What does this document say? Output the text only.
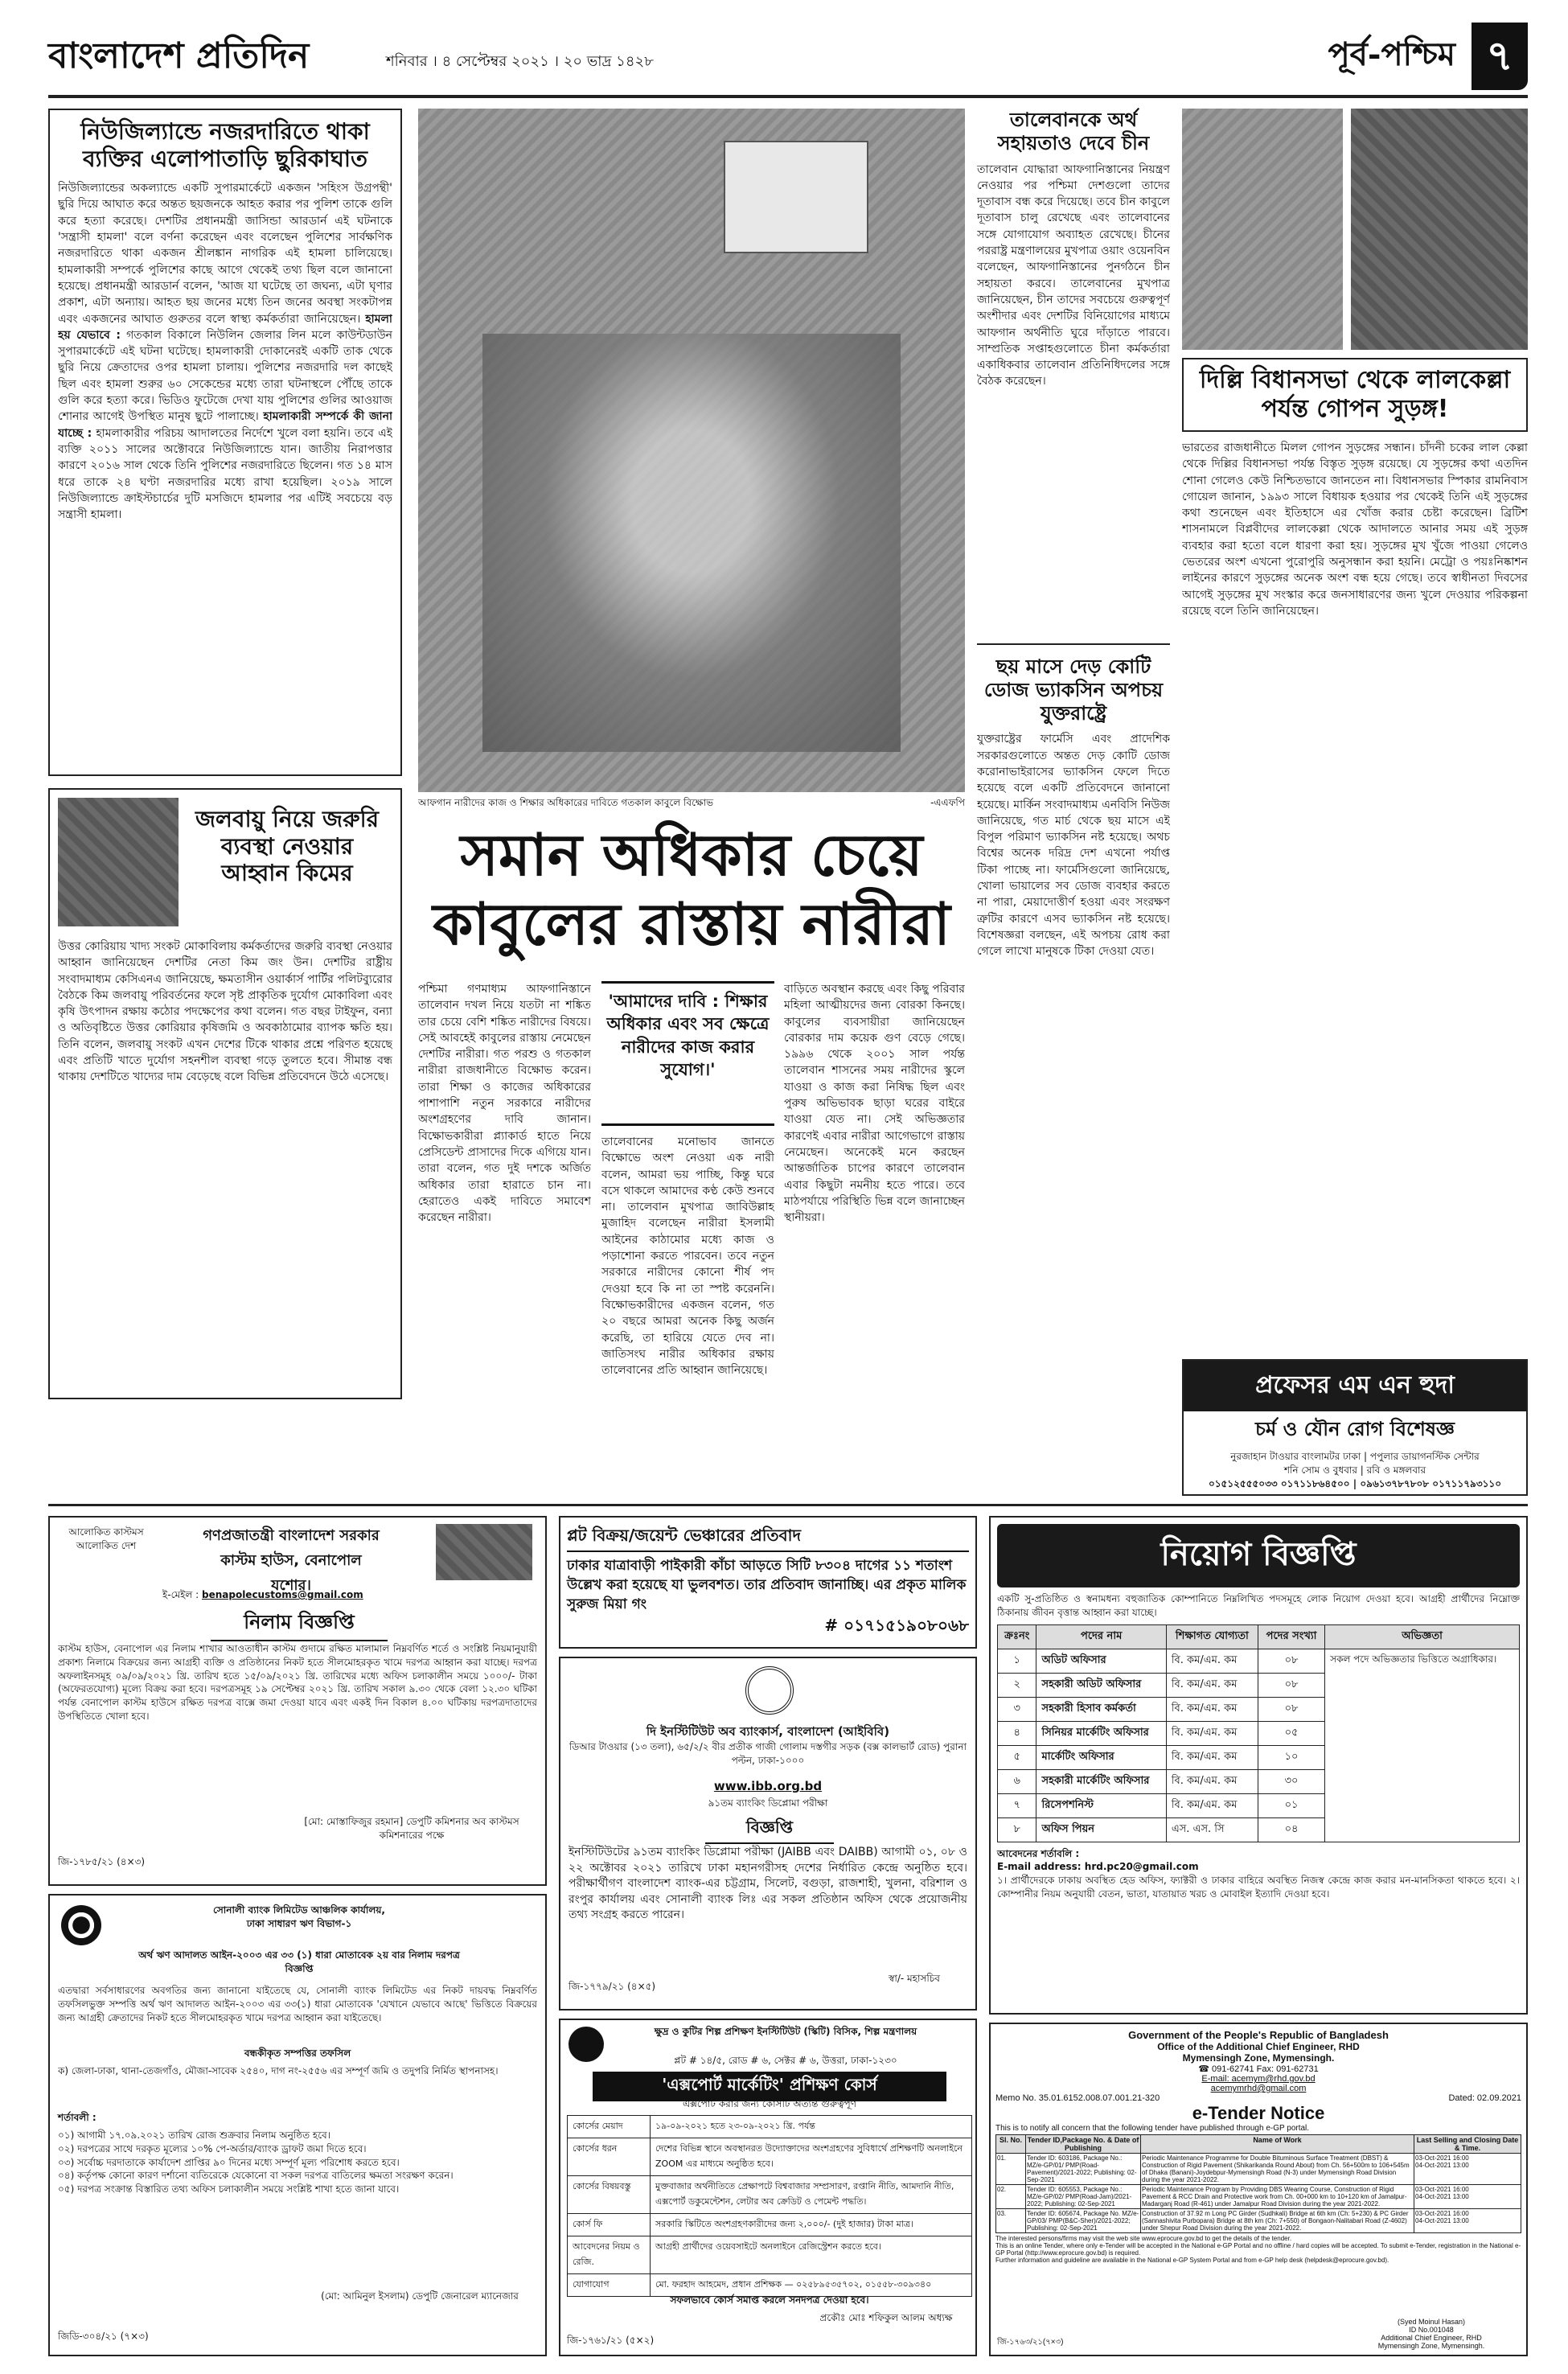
বাংলাদেশ প্রতিদিন	শনিবার । ৪ সেপ্টেম্বর ২০২১ । ২০ ভাদ্র ১৪২৮	পূর্ব-পশ্চিম ৭
নিউজিল্যান্ডে নজরদারিতে থাকা ব্যক্তির এলোপাতাড়ি ছুরিকাঘাত
নিউজিল্যান্ডের অকল্যান্ডে একটি সুপারমার্কেটে একজন 'সহিংস উগ্রপন্থী' ছুরি দিয়ে আঘাত করে অন্তত ছয়জনকে আহত করার পর পুলিশ তাকে গুলি করে হত্যা করেছে। দেশটির প্রধানমন্ত্রী জাসিন্ডা আরডার্ন এই ঘটনাকে 'সন্ত্রাসী হামলা' বলে বর্ণনা করেছেন এবং বলেছেন পুলিশের সার্বক্ষণিক নজরদারিতে থাকা একজন শ্রীলঙ্কান নাগরিক এই হামলা চালিয়েছে। হামলাকারী সম্পর্কে পুলিশের কাছে আগে থেকেই তথ্য ছিল বলে জানানো হয়েছে। প্রধানমন্ত্রী আরডার্ন বলেন, 'আজ যা ঘটেছে তা জঘন্য, এটা ঘৃণার প্রকাশ, এটা অন্যায়। আহত ছয় জনের মধ্যে তিন জনের অবস্থা সংকটাপন্ন এবং একজনের আঘাত গুরুতর বলে স্বাস্থ্য কর্মকর্তারা জানিয়েছেন। হামলা হয় যেভাবে : গতকাল বিকালে নিউলিন জেলার লিন মলে কাউন্টডাউন সুপারমার্কেটে এই ঘটনা ঘটেছে। হামলাকারী দোকানেরই একটি তাক থেকে ছুরি নিয়ে ক্রেতাদের ওপর হামলা চালায়। পুলিশের নজরদারি দল কাছেই ছিল এবং হামলা শুরুর ৬০ সেকেন্ডের মধ্যে তারা ঘটনাস্থলে পৌঁছে তাকে গুলি করে হত্যা করে। ভিডিও ফুটেজে দেখা যায় পুলিশের গুলির আওয়াজ শোনার আগেই উপস্থিত মানুষ ছুটে পালাচ্ছে। হামলাকারী সম্পর্কে কী জানা যাচ্ছে : হামলাকারীর পরিচয় আদালতের নির্দেশে খুলে বলা হয়নি। তবে এই ব্যক্তি ২০১১ সালের অক্টোবরে নিউজিল্যান্ডে যান। জাতীয় নিরাপত্তার কারণে ২০১৬ সাল থেকে তিনি পুলিশের নজরদারিতে ছিলেন। গত ১৪ মাস ধরে তাকে ২৪ ঘণ্টা নজরদারির মধ্যে রাখা হয়েছিল। ২০১৯ সালে নিউজিল্যান্ডে ক্রাইস্টচার্চের দুটি মসজিদে হামলার পর এটিই সবচেয়ে বড় সন্ত্রাসী হামলা।
জলবায়ু নিয়ে জরুরি ব্যবস্থা নেওয়ার আহ্বান কিমের
উত্তর কোরিয়ায় খাদ্য সংকট মোকাবিলায় কর্মকর্তাদের জরুরি ব্যবস্থা নেওয়ার আহ্বান জানিয়েছেন দেশটির নেতা কিম জং উন। দেশটির রাষ্ট্রীয় সংবাদমাধ্যম কেসিএনএ জানিয়েছে, ক্ষমতাসীন ওয়ার্কার্স পার্টির পলিটব্যুরোর বৈঠকে কিম জলবায়ু পরিবর্তনের ফলে সৃষ্ট প্রাকৃতিক দুর্যোগ মোকাবিলা এবং কৃষি উৎপাদন রক্ষায় কঠোর পদক্ষেপের কথা বলেন। গত বছর টাইফুন, বন্যা ও অতিবৃষ্টিতে উত্তর কোরিয়ার কৃষিজমি ও অবকাঠামোর ব্যাপক ক্ষতি হয়। তিনি বলেন, জলবায়ু সংকট এখন দেশের টিকে থাকার প্রশ্নে পরিণত হয়েছে এবং প্রতিটি খাতে দুর্যোগ সহনশীল ব্যবস্থা গড়ে তুলতে হবে। সীমান্ত বন্ধ থাকায় দেশটিতে খাদ্যের দাম বেড়েছে বলে বিভিন্ন প্রতিবেদনে উঠে এসেছে।
আফগান নারীদের কাজ ও শিক্ষার অধিকারের দাবিতে গতকাল কাবুলে বিক্ষোভ	-এএফপি
সমান অধিকার চেয়ে
কাবুলের রাস্তায় নারীরা
পশ্চিমা গণমাধ্যম আফগানিস্তানে তালেবান দখল নিয়ে যতটা না শঙ্কিত তার চেয়ে বেশি শঙ্কিত নারীদের বিষয়ে। সেই আবহেই কাবুলের রাস্তায় নেমেছেন দেশটির নারীরা। গত পরশু ও গতকাল নারীরা রাজধানীতে বিক্ষোভ করেন। তারা শিক্ষা ও কাজের অধিকারের পাশাপাশি নতুন সরকারে নারীদের অংশগ্রহণের দাবি জানান। বিক্ষোভকারীরা প্ল্যাকার্ড হাতে নিয়ে প্রেসিডেন্ট প্রাসাদের দিকে এগিয়ে যান। তারা বলেন, গত দুই দশকে অর্জিত অধিকার তারা হারাতে চান না। হেরাতেও একই দাবিতে সমাবেশ করেছেন নারীরা।
'আমাদের দাবি : শিক্ষার অধিকার এবং সব ক্ষেত্রে নারীদের কাজ করার সুযোগ।'
তালেবানের মনোভাব জানতে বিক্ষোভে অংশ নেওয়া এক নারী বলেন, আমরা ভয় পাচ্ছি, কিন্তু ঘরে বসে থাকলে আমাদের কণ্ঠ কেউ শুনবে না। তালেবান মুখপাত্র জাবিউল্লাহ মুজাহিদ বলেছেন নারীরা ইসলামী আইনের কাঠামোর মধ্যে কাজ ও পড়াশোনা করতে পারবেন। তবে নতুন সরকারে নারীদের কোনো শীর্ষ পদ দেওয়া হবে কি না তা স্পষ্ট করেননি। বিক্ষোভকারীদের একজন বলেন, গত ২০ বছরে আমরা অনেক কিছু অর্জন করেছি, তা হারিয়ে যেতে দেব না। জাতিসংঘ নারীর অধিকার রক্ষায় তালেবানের প্রতি আহ্বান জানিয়েছে।
বাড়িতে অবস্থান করছে এবং কিছু পরিবার মহিলা আত্মীয়দের জন্য বোরকা কিনছে। কাবুলের ব্যবসায়ীরা জানিয়েছেন বোরকার দাম কয়েক গুণ বেড়ে গেছে। ১৯৯৬ থেকে ২০০১ সাল পর্যন্ত তালেবান শাসনের সময় নারীদের স্কুলে যাওয়া ও কাজ করা নিষিদ্ধ ছিল এবং পুরুষ অভিভাবক ছাড়া ঘরের বাইরে যাওয়া যেত না। সেই অভিজ্ঞতার কারণেই এবার নারীরা আগেভাগে রাস্তায় নেমেছেন। অনেকেই মনে করছেন আন্তর্জাতিক চাপের কারণে তালেবান এবার কিছুটা নমনীয় হতে পারে। তবে মাঠপর্যায়ে পরিস্থিতি ভিন্ন বলে জানাচ্ছেন স্থানীয়রা।
তালেবানকে অর্থ সহায়তাও দেবে চীন
তালেবান যোদ্ধারা আফগানিস্তানের নিয়ন্ত্রণ নেওয়ার পর পশ্চিমা দেশগুলো তাদের দূতাবাস বন্ধ করে দিয়েছে। তবে চীন কাবুলে দূতাবাস চালু রেখেছে এবং তালেবানের সঙ্গে যোগাযোগ অব্যাহত রেখেছে। চীনের পররাষ্ট্র মন্ত্রণালয়ের মুখপাত্র ওয়াং ওয়েনবিন বলেছেন, আফগানিস্তানের পুনর্গঠনে চীন সহায়তা করবে। তালেবানের মুখপাত্র জানিয়েছেন, চীন তাদের সবচেয়ে গুরুত্বপূর্ণ অংশীদার এবং দেশটির বিনিয়োগের মাধ্যমে আফগান অর্থনীতি ঘুরে দাঁড়াতে পারবে। সাম্প্রতিক সপ্তাহগুলোতে চীনা কর্মকর্তারা একাধিকবার তালেবান প্রতিনিধিদলের সঙ্গে বৈঠক করেছেন।
ছয় মাসে দেড় কোটি ডোজ ভ্যাকসিন অপচয় যুক্তরাষ্ট্রে
যুক্তরাষ্ট্রের ফার্মেসি এবং প্রাদেশিক সরকারগুলোতে অন্তত দেড় কোটি ডোজ করোনাভাইরাসের ভ্যাকসিন ফেলে দিতে হয়েছে বলে একটি প্রতিবেদনে জানানো হয়েছে। মার্কিন সংবাদমাধ্যম এনবিসি নিউজ জানিয়েছে, গত মার্চ থেকে ছয় মাসে এই বিপুল পরিমাণ ভ্যাকসিন নষ্ট হয়েছে। অথচ বিশ্বের অনেক দরিদ্র দেশ এখনো পর্যাপ্ত টিকা পাচ্ছে না। ফার্মেসিগুলো জানিয়েছে, খোলা ভায়ালের সব ডোজ ব্যবহার করতে না পারা, মেয়াদোত্তীর্ণ হওয়া এবং সংরক্ষণ ত্রুটির কারণে এসব ভ্যাকসিন নষ্ট হয়েছে। বিশেষজ্ঞরা বলছেন, এই অপচয় রোধ করা গেলে লাখো মানুষকে টিকা দেওয়া যেত।
দিল্লি বিধানসভা থেকে লালকেল্লা পর্যন্ত গোপন সুড়ঙ্গ!
ভারতের রাজধানীতে মিলল গোপন সুড়ঙ্গের সন্ধান। চাঁদনী চকের লাল কেল্লা থেকে দিল্লির বিধানসভা পর্যন্ত বিস্তৃত সুড়ঙ্গ রয়েছে। যে সুড়ঙ্গের কথা এতদিন শোনা গেলেও কেউ নিশ্চিতভাবে জানতেন না। বিধানসভার স্পিকার রামনিবাস গোয়েল জানান, ১৯৯৩ সালে বিধায়ক হওয়ার পর থেকেই তিনি এই সুড়ঙ্গের কথা শুনেছেন এবং ইতিহাসে এর খোঁজ করার চেষ্টা করেছেন। ব্রিটিশ শাসনামলে বিপ্লবীদের লালকেল্লা থেকে আদালতে আনার সময় এই সুড়ঙ্গ ব্যবহার করা হতো বলে ধারণা করা হয়। সুড়ঙ্গের মুখ খুঁজে পাওয়া গেলেও ভেতরের অংশ এখনো পুরোপুরি অনুসন্ধান করা হয়নি। মেট্রো ও পয়ঃনিষ্কাশন লাইনের কারণে সুড়ঙ্গের অনেক অংশ বন্ধ হয়ে গেছে। তবে স্বাধীনতা দিবসের আগেই সুড়ঙ্গের মুখ সংস্কার করে জনসাধারণের জন্য খুলে দেওয়ার পরিকল্পনা রয়েছে বলে তিনি জানিয়েছেন।
প্রফেসর এম এন হুদা
চর্ম ও যৌন রোগ বিশেষজ্ঞ
নুরজাহান টাওয়ার বাংলামটর ঢাকা | পপুলার ডায়াগনস্টিক সেন্টার
শনি সোম ও বুধবার | রবি ও মঙ্গলবার
০১৫১২৫৫৫০৩৩ ০১৭১১৮৬৪৫০০ | ০৯৬১৩৭৮৭৮০৮ ০১৭১১৭৯৩১১০
আলোকিত কাস্টমস আলোকিত দেশ
গণপ্রজাতন্ত্রী বাংলাদেশ সরকার
কাস্টম হাউস, বেনাপোল
যশোর।
ই-মেইল : benapolecustoms@gmail.com
নিলাম বিজ্ঞপ্তি
কাস্টম হাউস, বেনাপোল এর নিলাম শাখার আওতাধীন কাস্টম গুদামে রক্ষিত মালামাল নিম্নবর্ণিত শর্তে ও সংশ্লিষ্ট নিয়মানুযায়ী প্রকাশ্য নিলামে বিক্রয়ের জন্য আগ্রহী ব্যক্তি ও প্রতিষ্ঠানের নিকট হতে সীলমোহরকৃত খামে দরপত্র আহ্বান করা যাচ্ছে। দরপত্র অফলাইনসমূহ ০৯/০৯/২০২১ খ্রি. তারিখ হতে ১৫/০৯/২০২১ খ্রি. তারিখের মধ্যে অফিস চলাকালীন সময়ে ১০০০/- টাকা (অফেরতযোগ্য) মূল্যে বিক্রয় করা হবে। দরপত্রসমূহ ১৯ সেপ্টেম্বর ২০২১ খ্রি. তারিখ সকাল ৯.৩০ থেকে বেলা ১২.৩০ ঘটিকা পর্যন্ত বেনাপোল কাস্টম হাউসে রক্ষিত দরপত্র বাক্সে জমা দেওয়া যাবে এবং একই দিন বিকাল ৪.০০ ঘটিকায় দরপত্রদাতাদের উপস্থিতিতে খোলা হবে।
[মো: মোস্তাফিজুর রহমান] ডেপুটি কমিশনার অব কাস্টমস কমিশনারের পক্ষে
জি-১৭৮৫/২১ (৪×৩)
সোনালী ব্যাংক লিমিটেড আঞ্চলিক কার্যালয়, ঢাকা সাধারণ ঋণ বিভাগ-১
অর্থ ঋণ আদালত আইন-২০০৩ এর ৩৩ (১) ধারা মোতাবেক ২য় বার নিলাম দরপত্র বিজ্ঞপ্তি
এতদ্বারা সর্বসাধারণের অবগতির জন্য জানানো যাইতেছে যে, সোনালী ব্যাংক লিমিটেড এর নিকট দায়বদ্ধ নিম্নবর্ণিত তফসিলভুক্ত সম্পত্তি অর্থ ঋণ আদালত আইন-২০০৩ এর ৩৩(১) ধারা মোতাবেক 'যেখানে যেভাবে আছে' ভিত্তিতে বিক্রয়ের জন্য আগ্রহী ক্রেতাদের নিকট হতে সীলমোহরকৃত খামে দরপত্র আহ্বান করা যাইতেছে।
বন্ধকীকৃত সম্পত্তির তফসিল
ক) জেলা-ঢাকা, থানা-তেজগাঁও, মৌজা-সাবেক ২৫৪০, দাগ নং-২৫৫৬ এর সম্পূর্ণ জমি ও তদুপরি নির্মিত স্থাপনাসহ।
শর্তাবলী :
০১) আগামী ১৭.০৯.২০২১ তারিখ রোজ শুক্রবার নিলাম অনুষ্ঠিত হবে।
০২) দরপত্রের সাথে দরকৃত মূল্যের ১০% পে-অর্ডার/ব্যাংক ড্রাফট জমা দিতে হবে।
০৩) সর্বোচ্চ দরদাতাকে কার্যাদেশ প্রাপ্তির ৯০ দিনের মধ্যে সম্পূর্ণ মূল্য পরিশোধ করতে হবে।
০৪) কর্তৃপক্ষ কোনো কারণ দর্শানো ব্যতিরেকে যেকোনো বা সকল দরপত্র বাতিলের ক্ষমতা সংরক্ষণ করেন।
০৫) দরপত্র সংক্রান্ত বিস্তারিত তথ্য অফিস চলাকালীন সময়ে সংশ্লিষ্ট শাখা হতে জানা যাবে।
(মো: আমিনুল ইসলাম) ডেপুটি জেনারেল ম্যানেজার
জিডি-৩০৪/২১ (৭×৩)
প্লট বিক্রয়/জয়েন্ট ভেঞ্চারের প্রতিবাদ
ঢাকার যাত্রাবাড়ী পাইকারী কাঁচা আড়তে সিটি ৮৩০৪ দাগের ১১ শতাংশ উল্লেখ করা হয়েছে যা ভুলবশত। তার প্রতিবাদ জানাচ্ছি। এর প্রকৃত মালিক সুরুজ মিয়া গং
# ০১৭১৫১৯০৮০৬৮
দি ইনস্টিটিউট অব ব্যাংকার্স, বাংলাদেশ (আইবিবি)
ডিআর টাওয়ার (১৩ তলা), ৬৫/২/২ বীর প্রতীক গাজী গোলাম দস্তগীর সড়ক (বক্স কালভার্ট রোড) পুরানা পল্টন, ঢাকা-১০০০
www.ibb.org.bd
৯১তম ব্যাংকিং ডিপ্লোমা পরীক্ষা
বিজ্ঞপ্তি
ইনস্টিটিউটের ৯১তম ব্যাংকিং ডিপ্লোমা পরীক্ষা (JAIBB এবং DAIBB) আগামী ০১, ০৮ ও ২২ অক্টোবর ২০২১ তারিখে ঢাকা মহানগরীসহ দেশের নির্ধারিত কেন্দ্রে অনুষ্ঠিত হবে। পরীক্ষার্থীগণ বাংলাদেশ ব্যাংক-এর চট্টগ্রাম, সিলেট, বগুড়া, রাজশাহী, খুলনা, বরিশাল ও রংপুর কার্যালয় এবং সোনালী ব্যাংক লিঃ এর সকল প্রতিষ্ঠান অফিস থেকে প্রয়োজনীয় তথ্য সংগ্রহ করতে পারেন।
স্বা/- মহাসচিব
জি-১৭৭৯/২১ (৪×৫)
ক্ষুদ্র ও কুটির শিল্প প্রশিক্ষণ ইনস্টিটিউট (স্কিটি) বিসিক, শিল্প মন্ত্রণালয়
প্লট # ১৪/৫, রোড # ৬, সেক্টর # ৬, উত্তরা, ঢাকা-১২৩০
'এক্সপোর্ট মার্কেটিং' প্রশিক্ষণ কোর্স
এক্সপোর্ট করার জন্য কোর্সটি অত্যন্ত গুরুত্বপূর্ণ
কোর্সের মেয়াদ	১৯-০৯-২০২১ হতে ২৩-০৯-২০২১ খ্রি. পর্যন্ত
কোর্সের ধরন	দেশের বিভিন্ন স্থানে অবস্থানরত উদ্যোক্তাদের অংশগ্রহণের সুবিধার্থে প্রশিক্ষণটি অনলাইনে ZOOM এর মাধ্যমে অনুষ্ঠিত হবে।
কোর্সের বিষয়বস্তু	মুক্তবাজার অর্থনীতিতে প্রেক্ষাপটে বিশ্ববাজার সম্প্রসারণ, রপ্তানি নীতি, আমদানি নীতি, এক্সপোর্ট ডকুমেন্টেশন, লেটার অব ক্রেডিট ও পেমেন্ট পদ্ধতি।
কোর্স ফি	সরকারি স্কিটিতে অংশগ্রহণকারীদের জন্য ২,০০০/- (দুই হাজার) টাকা মাত্র।
আবেদনের নিয়ম ও রেজি.	আগ্রহী প্রার্থীদের ওয়েবসাইটে অনলাইনে রেজিস্ট্রেশন করতে হবে।
যোগাযোগ	মো. ফরহাদ আহমেদ, প্রধান প্রশিক্ষক — ০২৫৮৯৫৩৫৭০২, ০১৫৫৮-৩০৯৩৪০
সফলভাবে কোর্স সমাপ্ত করলে সনদপত্র দেওয়া হবে।
প্রকৌঃ মোঃ শফিকুল আলম অধ্যক্ষ
জি-১৭৬১/২১ (৫×২)
নিয়োগ বিজ্ঞপ্তি
একটি সু-প্রতিষ্ঠিত ও স্বনামধন্য বহুজাতিক কোম্পানিতে নিম্নলিখিত পদসমূহে লোক নিয়োগ দেওয়া হবে। আগ্রহী প্রার্থীদের নিম্নোক্ত ঠিকানায় জীবন বৃত্তান্ত আহ্বান করা যাচ্ছে।
ক্রঃনং	পদের নাম	শিক্ষাগত যোগ্যতা	পদের সংখ্যা	অভিজ্ঞতা
১	অডিট অফিসার	বি. কম/এম. কম	০৮	সকল পদে অভিজ্ঞতার ভিত্তিতে অগ্রাধিকার।
২	সহকারী অডিট অফিসার	বি. কম/এম. কম	০৮	
৩	সহকারী হিসাব কর্মকর্তা	বি. কম/এম. কম	০৮	
৪	সিনিয়র মার্কেটিং অফিসার	বি. কম/এম. কম	০৫	
৫	মার্কেটিং অফিসার	বি. কম/এম. কম	১০	
৬	সহকারী মার্কেটিং অফিসার	বি. কম/এম. কম	৩০	
৭	রিসেপশনিস্ট	বি. কম/এম. কম	০১	
৮	অফিস পিয়ন	এস. এস. সি	০৪	
আবেদনের শর্তাবলি :
E-mail address: hrd.pc20@gmail.com
১। প্রার্থীদেরকে ঢাকায় অবস্থিত হেড অফিস, ফ্যাক্টরী ও ঢাকার বাহিরে অবস্থিত নিজস্ব কেন্দ্রে কাজ করার মন-মানসিকতা থাকতে হবে। ২। কোম্পানীর নিয়ম অনুযায়ী বেতন, ভাতা, যাতায়াত খরচ ও মোবাইল ইত্যাদি দেওয়া হবে।
Government of the People's Republic of Bangladesh
Office of the Additional Chief Engineer, RHD
Mymensingh Zone, Mymensingh.
☎ 091-62741 Fax: 091-62731
E-mail: acemym@rhd.gov.bd
acemymrhd@gmail.com
Memo No. 35.01.6152.008.07.001.21-320	Dated: 02.09.2021
e-Tender Notice
This is to notify all concern that the following tender have published through e-GP portal.
Sl. No.	Tender ID,Package No. & Date of Publishing	Name of Work	Last Selling and Closing Date & Time.
01.	Tender ID: 603186, Package No.: MZ/e-GP/01/ PMP(Road-Pavement)/2021-2022; Publishing: 02-Sep-2021	Periodic Maintenance Programme for Double Bituminous Surface Treatment (DBST) & Construction of Rigid Pavement (Shikarikanda Round About) from Ch. 56+500m to 106+545m of Dhaka (Banani)-Joydebpur-Mymensingh Road (N-3) under Mymensingh Road Division during the year 2021-2022.	03-Oct-2021 16:00
04-Oct-2021 13:00

02.	Tender ID: 605553, Package No.: MZ/e-GP/02/ PMP(Road-Jam)/2021-2022; Publishing: 02-Sep-2021	Periodic Maintenance Program by Providing DBS Wearing Course, Construction of Rigid Pavement & RCC Drain and Protective work from Ch. 00+000 km to 10+120 km of Jamalpur-Madarganj Road (R-461) under Jamalpur Road Division during the year 2021-2022.	03-Oct-2021 16:00
04-Oct-2021 13:00

03.	Tender ID: 605674, Package No. MZ/e-GP/03/ PMP(B&C-Sher)/2021-2022; Publishing: 02-Sep-2021	Construction of 37.92 m Long PC Girder (Sudhkali) Bridge at 6th km (Ch: 5+230) & PC Girder (Sannashivita Purbopara) Bridge at 8th km (Ch: 7+550) of Bongaon-Nalitabari Road (Z-4602) under Shepur Road Division during the year 2021-2022.	03-Oct-2021 16:00
04-Oct-2021 13:00
The interested persons/firms may visit the web site www.eprocure.gov.bd to get the details of the tender.
This is an online Tender, where only e-Tender will be accepted in the National e-GP Portal and no offline / hard copies will be accepted. To submit e-Tender, registration in the National e-GP Portal (http://www.eprocure.gov.bd) is required.
Further information and guideline are available in the National e-GP System Portal and from e-GP help desk (helpdesk@eprocure.gov.bd).
(Syed Moinul Hasan)
ID No.001048
Additional Chief Engineer, RHD
Mymensingh Zone, Mymensingh.
জি-১৭৬৩/২১(৭×৩)
